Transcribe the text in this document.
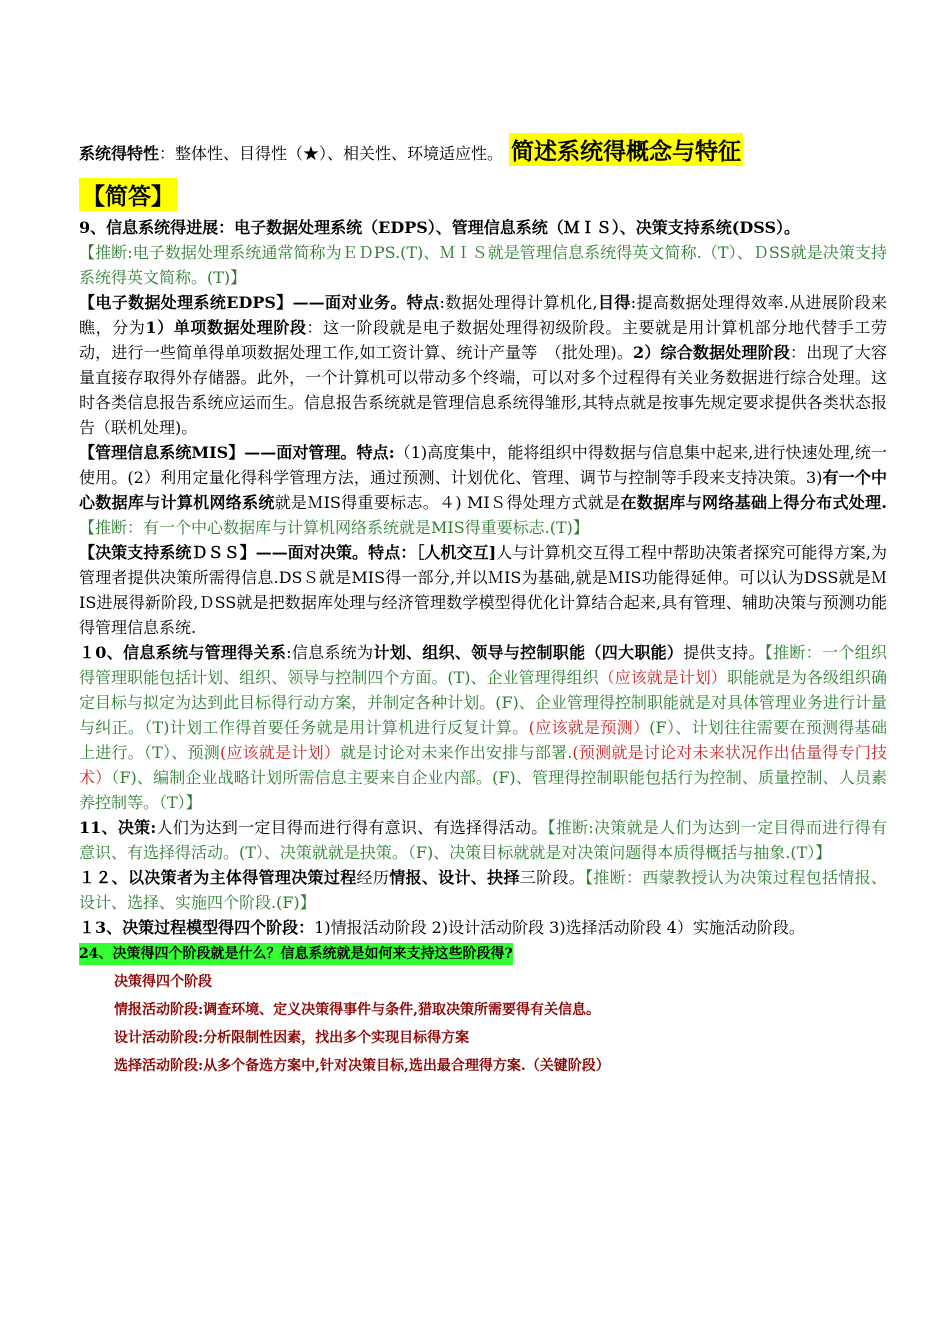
系统得特性：整体性、目得性（★）、相关性、环境适应性。 简述系统得概念与特征
【简答】

9、信息系统得进展：电子数据处理系统（EDPS）、管理信息系统（ＭＩＳ）、决策支持系统(DSS）。

【推断:电子数据处理系统通常简称为ＥＤPS.(T)、ＭＩＳ就是管理信息系统得英文简称.（T）、ＤSS就是决策支持系统得英文简称。(T)】

【电子数据处理系统EDPS】——面对业务。特点:数据处理得计算机化,目得:提高数据处理得效率.从进展阶段来瞧，分为1）单项数据处理阶段：这一阶段就是电子数据处理得初级阶段。主要就是用计算机部分地代替手工劳动，进行一些简单得单项数据处理工作,如工资计算、统计产量等　（批处理)。2）综合数据处理阶段：出现了大容量直接存取得外存储器。此外，一个计算机可以带动多个终端，可以对多个过程得有关业务数据进行综合处理。这时各类信息报告系统应运而生。信息报告系统就是管理信息系统得雏形,其特点就是按事先规定要求提供各类状态报告（联机处理)。

【管理信息系统MIS】——面对管理。特点:（1)高度集中，能将组织中得数据与信息集中起来,进行快速处理,统一使用。(2）利用定量化得科学管理方法，通过预测、计划优化、管理、调节与控制等手段来支持决策。3)有一个中心数据库与计算机网络系统就是ＭIS得重要标志。４) MIＳ得处理方式就是在数据库与网络基础上得分布式处理.【推断：有一个中心数据库与计算机网络系统就是MIS得重要标志.(T)】

【决策支持系统ＤＳＳ】——面对决策。特点：［人机交互]人与计算机交互得工程中帮助决策者探究可能得方案,为管理者提供决策所需得信息.DSＳ就是MIS得一部分,并以ＭIS为基础,就是ＭIS功能得延伸。可以认为DSS就是ＭIS进展得新阶段,ＤSS就是把数据库处理与经济管理数学模型得优化计算结合起来,具有管理、辅助决策与预测功能得管理信息系统.

１0、信息系统与管理得关系:信息系统为计划、组织、领导与控制职能（四大职能）提供支持。【推断：一个组织得管理职能包括计划、组织、领导与控制四个方面。(T)、企业管理得组织（应该就是计划）职能就是为各级组织确定目标与拟定为达到此目标得行动方案，并制定各种计划。(F)、企业管理得控制职能就是对具体管理业务进行计量与纠正。（T)计划工作得首要任务就是用计算机进行反复计算。(应该就是预测）(F）、计划往往需要在预测得基础上进行。（T）、预测(应该就是计划）就是讨论对未来作出安排与部署.(预测就是讨论对未来状况作出估量得专门技术）（F)、编制企业战略计划所需信息主要来自企业内部。(F)、管理得控制职能包括行为控制、质量控制、人员素养控制等。（T）】

11、决策:人们为达到一定目得而进行得有意识、有选择得活动。【推断:决策就是人们为达到一定目得而进行得有意识、有选择得活动。(T）、决策就就是抉策。（F)、决策目标就就是对决策问题得本质得概括与抽象.(T）】

１２、以决策者为主体得管理决策过程经历情报、设计、抉择三阶段。【推断：西蒙教授认为决策过程包括情报、设计、选择、实施四个阶段.(F)】

１3、决策过程模型得四个阶段：1)情报活动阶段 2)设计活动阶段 3)选择活动阶段 4）实施活动阶段。

24、决策得四个阶段就是什么？信息系统就是如何来支持这些阶段得?
决策得四个阶段
情报活动阶段:调查环境、定义决策得事件与条件,猎取决策所需要得有关信息。
设计活动阶段:分析限制性因素，找出多个实现目标得方案
选择活动阶段:从多个备选方案中,针对决策目标,选出最合理得方案.（关键阶段）
